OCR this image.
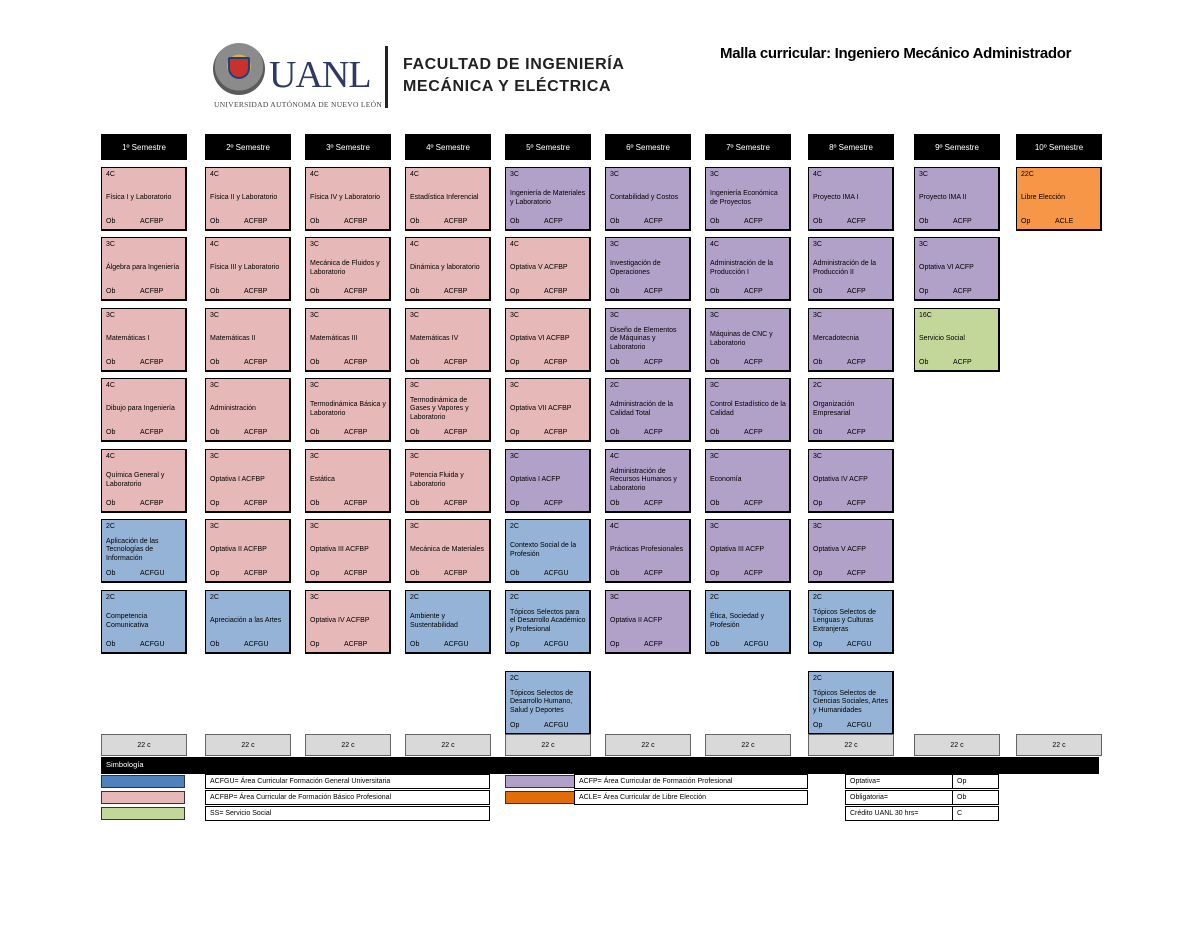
UANL
UNIVERSIDAD AUTÓNOMA DE NUEVO LEÓN
FACULTAD DE INGENIERÍA
MECÁNICA Y ELÉCTRICA
Malla curricular: Ingeniero Mecánico Administrador
1º Semestre
4C
Física I y Laboratorio
Ob	ACFBP
3C
Álgebra para Ingeniería
Ob	ACFBP
3C
Matemáticas I
Ob	ACFBP
4C
Dibujo para Ingeniería
Ob	ACFBP
4C
Química General y Laboratorio
Ob	ACFBP
2C
Aplicación de las Tecnologías de Información
Ob	ACFGU
2C
Competencia Comunicativa
Ob	ACFGU
22 c
2º Semestre
4C
Física II y Laboratorio
Ob	ACFBP
4C
Física III y Laboratorio
Ob	ACFBP
3C
Matemáticas II
Ob	ACFBP
3C
Administración
Ob	ACFBP
3C
Optativa I ACFBP
Op	ACFBP
3C
Optativa II ACFBP
Op	ACFBP
2C
Apreciación a las Artes
Ob	ACFGU
22 c
3º Semestre
4C
Física IV y Laboratorio
Ob	ACFBP
3C
Mecánica de Fluidos y Laboratorio
Ob	ACFBP
3C
Matemáticas III
Ob	ACFBP
3C
Termodinámica Básica y Laboratorio
Ob	ACFBP
3C
Estática
Ob	ACFBP
3C
Optativa III ACFBP
Op	ACFBP
3C
Optativa IV ACFBP
Op	ACFBP
22 c
4º Semestre
4C
Estadística Inferencial
Ob	ACFBP
4C
Dinámica y laboratorio
Ob	ACFBP
3C
Matemáticas IV
Ob	ACFBP
3C
Termodinámica de Gases y Vapores y Laboratorio
Ob	ACFBP
3C
Potencia Fluida y Laboratorio
Ob	ACFBP
3C
Mecánica de Materiales
Ob	ACFBP
2C
Ambiente y Sustentabilidad
Ob	ACFGU
22 c
5º Semestre
3C
Ingeniería de Materiales y Laboratorio
Ob	ACFP
4C
Optativa V ACFBP
Op	ACFBP
3C
Optativa VI ACFBP
Op	ACFBP
3C
Optativa VII ACFBP
Op	ACFBP
3C
Optativa I ACFP
Op	ACFP
2C
Contexto Social de la Profesión
Ob	ACFGU
2C
Tópicos Selectos para el Desarrollo Académico y Profesional
Op	ACFGU
2C
Tópicos Selectos de Desarrollo Humano, Salud y Deportes
Op	ACFGU
22 c
6º Semestre
3C
Contabilidad y Costos
Ob	ACFP
3C
Investigación de Operaciones
Ob	ACFP
3C
Diseño de Elementos de Máquinas y Laboratorio
Ob	ACFP
2C
Administración de la Calidad Total
Ob	ACFP
4C
Administración de Recursos Humanos y Laboratorio
Ob	ACFP
4C
Prácticas Profesionales
Ob	ACFP
3C
Optativa II ACFP
Op	ACFP
22 c
7º Semestre
3C
Ingeniería Económica de Proyectos
Ob	ACFP
4C
Administración de la Producción I
Ob	ACFP
3C
Máquinas de CNC y Laboratorio
Ob	ACFP
3C
Control Estadístico de la Calidad
Ob	ACFP
3C
Economía
Ob	ACFP
3C
Optativa III ACFP
Op	ACFP
2C
Ética, Sociedad y Profesión
Ob	ACFGU
22 c
8º Semestre
4C
Proyecto IMA I
Ob	ACFP
3C
Administración de la Producción II
Ob	ACFP
3C
Mercadotecnia
Ob	ACFP
2C
Organización Empresarial
Ob	ACFP
3C
Optativa IV ACFP
Op	ACFP
3C
Optativa V ACFP
Op	ACFP
2C
Tópicos Selectos de Lenguas y Culturas Extranjeras
Op	ACFGU
2C
Tópicos Selectos de Ciencias Sociales, Artes y Humanidades
Op	ACFGU
22 c
9º Semestre
3C
Proyecto IMA II
Ob	ACFP
3C
Optativa VI ACFP
Op	ACFP
16C
Servicio Social
Ob	ACFP
22 c
10º Semestre
22C
Libre Elección
Op	ACLE
22 c
Simbología
ACFGU= Área Curricular Formación General Universitaria
ACFBP= Área Curricular de Formación Básico Profesional
SS= Servicio Social
ACFP= Área Curricular de Formación Profesional
ACLE= Área Curricular de Libre Elección
Optativa=	Op
Obligatoria=	Ob
Crédito UANL 30 hrs=	C
